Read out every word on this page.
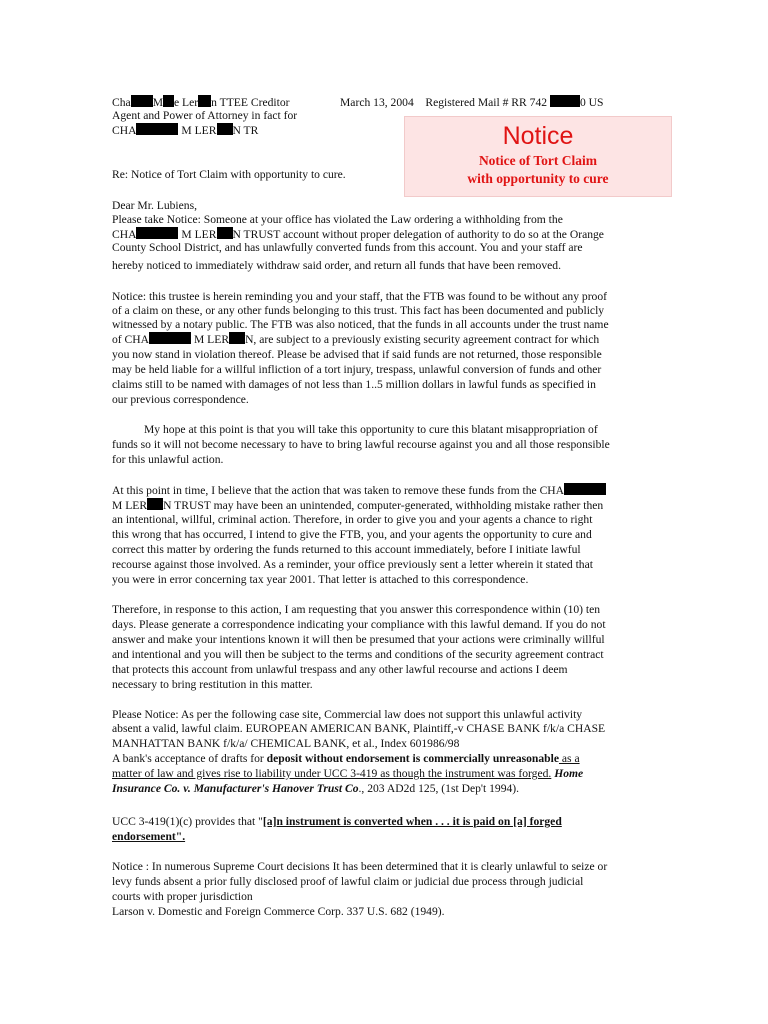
Cha M e Ler n TTEE Creditor	March 13, 2004 Registered Mail # RR 742	0 US
Agent and Power of Attorney in fact for
CHA	M LER N TR	Notice
Notice of Tort Claim
with opportunity to cure
Re: Notice of Tort Claim with opportunity to cure.
Dear Mr. Lubiens,
Please take Notice: Someone at your office has violated the Law ordering a withholding from the
CHA	M LER N TRUST account without proper delegation of authority to do so at the Orange
County School District, and has unlawfully converted funds from this account. You and your staff are
hereby noticed to immediately withdraw said order, and return all funds that have been removed.
Notice: this trustee is herein reminding you and your staff, that the FTB was found to be without any proof
of a claim on these, or any other funds belonging to this trust. This fact has been documented and publicly
witnessed by a notary public. The FTB was also noticed, that the funds in all accounts under the trust name
of CHA	M LER N, are subject to a previously existing security agreement contract for which
you now stand in violation thereof. Please be advised that if said funds are not returned, those responsible
may be held liable for a willful infliction of a tort injury, trespass, unlawful conversion of funds and other
claims still to be named with damages of not less than 1..5 million dollars in lawful funds as specified in
our previous correspondence.
My hope at this point is that you will take this opportunity to cure this blatant misappropriation of
funds so it will not become necessary to have to bring lawful recourse against you and all those responsible
for this unlawful action.
At this point in time, I believe that the action that was taken to remove these funds from the CHA
M LER N TRUST may have been an unintended, computer-generated, withholding mistake rather then
an intentional, willful, criminal action. Therefore, in order to give you and your agents a chance to right
this wrong that has occurred, I intend to give the FTB, you, and your agents the opportunity to cure and
correct this matter by ordering the funds returned to this account immediately, before I initiate lawful
recourse against those involved. As a reminder, your office previously sent a letter wherein it stated that
you were in error concerning tax year 2001. That letter is attached to this correspondence.
Therefore, in response to this action, I am requesting that you answer this correspondence within (10) ten
days. Please generate a correspondence indicating your compliance with this lawful demand. If you do not
answer and make your intentions known it will then be presumed that your actions were criminally willful
and intentional and you will then be subject to the terms and conditions of the security agreement contract
that protects this account from unlawful trespass and any other lawful recourse and actions I deem
necessary to bring restitution in this matter.
Please Notice: As per the following case site, Commercial law does not support this unlawful activity
absent a valid, lawful claim. EUROPEAN AMERICAN BANK, Plaintiff,-v CHASE BANK f/k/a CHASE
MANHATTAN BANK f/k/a/ CHEMICAL BANK, et al., Index 601986/98
A bank's acceptance of drafts for deposit without endorsement is commercially unreasonable as a
matter of law and gives rise to liability under UCC 3-419 as though the instrument was forged. Home
Insurance Co. v. Manufacturer's Hanover Trust Co., 203 AD2d 125, (1st Dep't 1994).
UCC 3-419(1)(c) provides that "[a]n instrument is converted when . . . it is paid on [a] forged
endorsement".
Notice : In numerous Supreme Court decisions It has been determined that it is clearly unlawful to seize or
levy funds absent a prior fully disclosed proof of lawful claim or judicial due process through judicial
courts with proper jurisdiction
Larson v. Domestic and Foreign Commerce Corp. 337 U.S. 682 (1949).
